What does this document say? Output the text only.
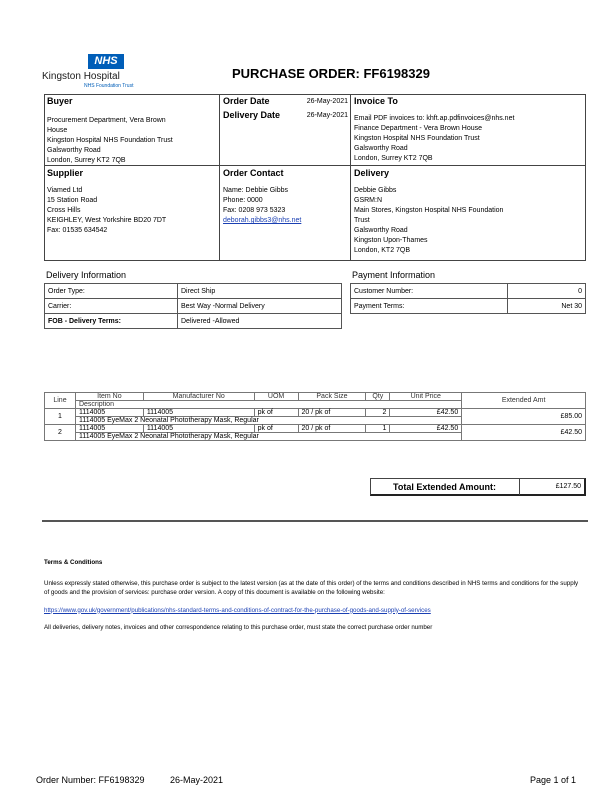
NHS
Kingston Hospital
NHS Foundation Trust
PURCHASE ORDER: FF6198329
Buyer
Procurement Department, Vera Brown
House
Kingston Hospital NHS Foundation Trust
Galsworthy Road
London, Surrey KT2 7QB
Order Date	26-May-2021
Delivery Date	26-May-2021
Invoice To
Email PDF invoices to: khft.ap.pdfinvoices@nhs.net
Finance Department - Vera Brown House
Kingston Hospital NHS Foundation Trust
Galsworthy Road
London, Surrey KT2 7QB
Supplier
Viamed Ltd
15 Station Road
Cross Hills
KEIGHLEY, West Yorkshire BD20 7DT
Fax: 01535 634542
Order Contact
Name: Debbie Gibbs
Phone: 0000
Fax: 0208 973 5323
deborah.gibbs3@nhs.net
Delivery
Debbie Gibbs
GSRM:N
Main Stores, Kingston Hospital NHS Foundation
Trust
Galsworthy Road
Kingston Upon-Thames
London, KT2 7QB
Delivery Information
Order Type:	Direct Ship
Carrier:	Best Way -Normal Delivery
FOB - Delivery Terms:	Delivered -Allowed
Payment Information
Customer Number:	0
Payment Terms:	Net 30
Line	Item No	Manufacturer No	UOM	Pack Size	Qty	Unit Price	Extended Amt
	Description						
1	1114005	1114005	pk of	20 / pk of	2	£42.50	£85.00
	1114005 EyeMax 2 Neonatal Phototherapy Mask, Regular						
2	1114005	1114005	pk of	20 / pk of	1	£42.50	£42.50
	1114005 EyeMax 2 Neonatal Phototherapy Mask, Regular						
Total Extended Amount:	£127.50
Terms & Conditions
Unless expressly stated otherwise, this purchase order is subject to the latest version (as at the date of this order) of the terms and conditions described in NHS terms and conditions for the supply of goods and the provision of services: purchase order version. A copy of this document is available on the following website:
https://www.gov.uk/government/publications/nhs-standard-terms-and-conditions-of-contract-for-the-purchase-of-goods-and-supply-of-services
All deliveries, delivery notes, invoices and other correspondence relating to this purchase order, must state the correct purchase order number
Order Number: FF6198329	26-May-2021	Page 1 of 1
